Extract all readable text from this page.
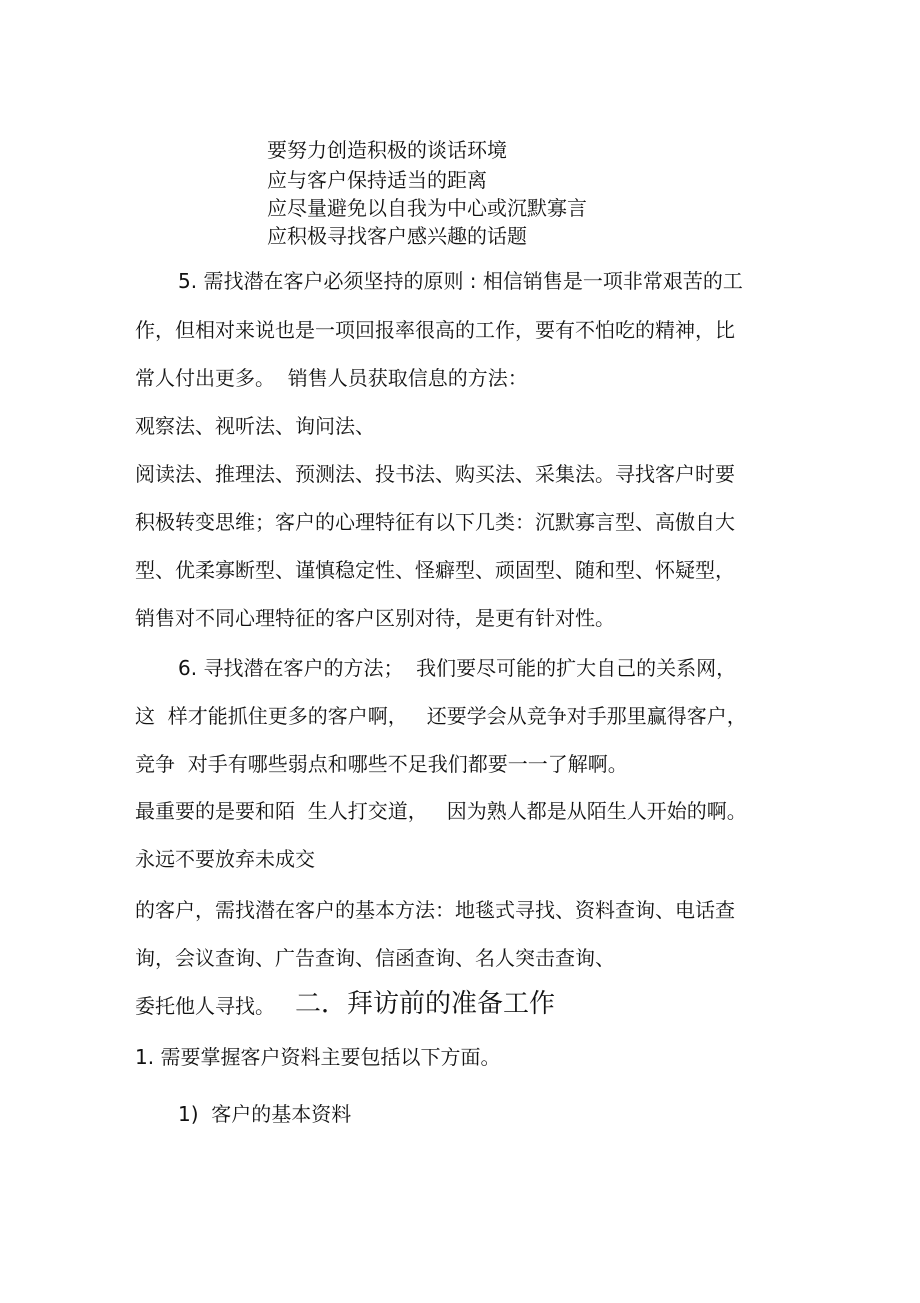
要努力创造积极的谈话环境
应与客户保持适当的距离
应尽量避免以自我为中心或沉默寡言
应积极寻找客户感兴趣的话题
5. 需找潜在客户必须坚持的原则 : 相信销售是一项非常艰苦的工
作，但相对来说也是一项回报率很高的工作，要有不怕吃的精神，比
常人付出更多。  销售人员获取信息的方法：
观察法、视听法、询问法、
阅读法、推理法、预测法、投书法、购买法、采集法。寻找客户时要
积极转变思维；客户的心理特征有以下几类：沉默寡言型、高傲自大
型、优柔寡断型、谨慎稳定性、怪癖型、顽固型、随和型、怀疑型，
销售对不同心理特征的客户区别对待，是更有针对性。
6. 寻找潜在客户的方法；  我们要尽可能的扩大自己的关系网，
这  样才能抓住更多的客户啊，   还要学会从竞争对手那里赢得客户，
竞争  对手有哪些弱点和哪些不足我们都要一一了解啊。
最重要的是要和陌  生人打交道，   因为熟人都是从陌生人开始的啊。
永远不要放弃未成交
的客户，需找潜在客户的基本方法：地毯式寻找、资料查询、电话查
询，会议查询、广告查询、信函查询、名人突击查询、
委托他人寻找。 二．拜访前的准备工作
1. 需要掌握客户资料主要包括以下方面。
1)  客户的基本资料
